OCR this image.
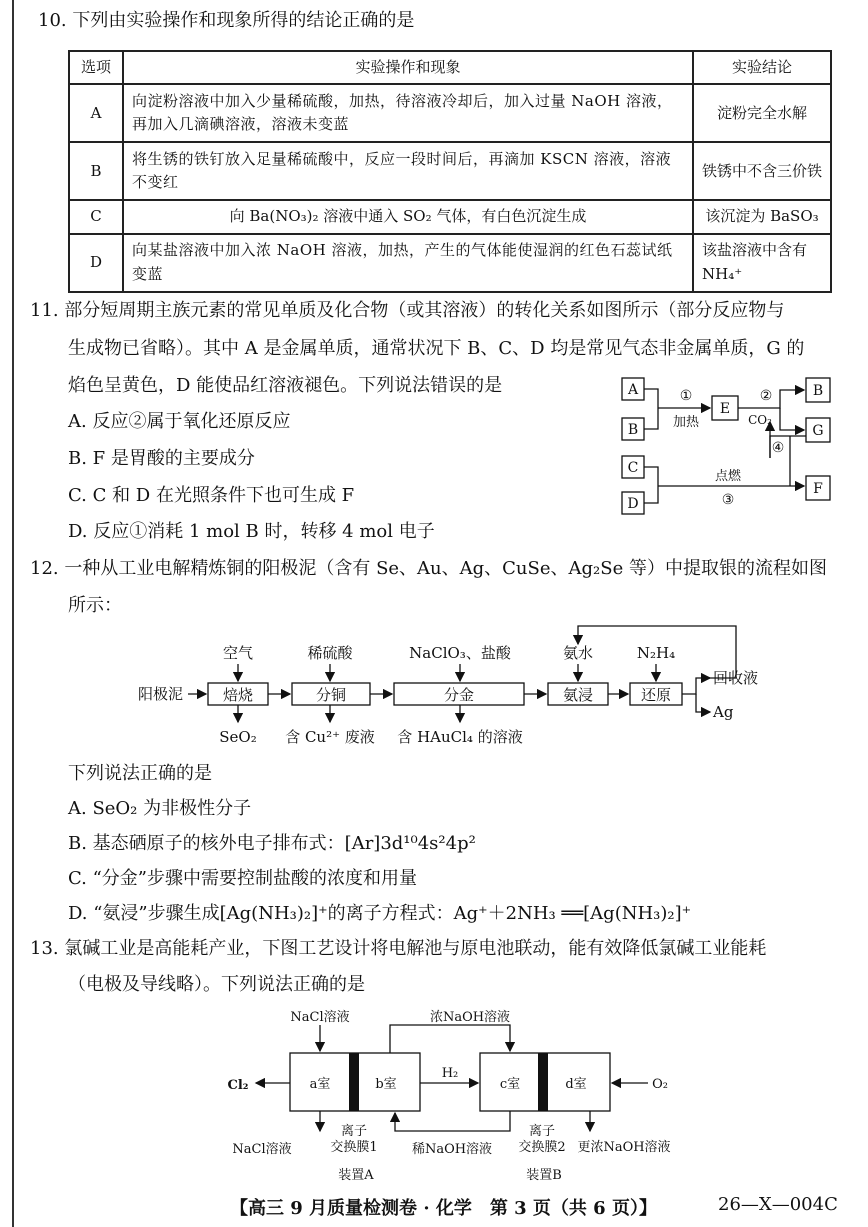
10. 下列由实验操作和现象所得的结论正确的是
选项	实验操作和现象	实验结论
A	向淀粉溶液中加入少量稀硫酸，加热，待溶液冷却后，加入过量 NaOH 溶液，再加入几滴碘溶液，溶液未变蓝	淀粉完全水解
B	将生锈的铁钉放入足量稀硫酸中，反应一段时间后，再滴加 KSCN 溶液，溶液不变红	铁锈中不含三价铁
C	向 Ba(NO₃)₂ 溶液中通入 SO₂ 气体，有白色沉淀生成	该沉淀为 BaSO₃
D	向某盐溶液中加入浓 NaOH 溶液，加热，产生的气体能使湿润的红色石蕊试纸变蓝	该盐溶液中含有 NH₄⁺
11. 部分短周期主族元素的常见单质及化合物（或其溶液）的转化关系如图所示（部分反应物与
生成物已省略）。其中 A 是金属单质，通常状况下 B、C、D 均是常见气态非金属单质，G 的
焰色呈黄色，D 能使品红溶液褪色。下列说法错误的是
A. 反应②属于氧化还原反应
B. F 是胃酸的主要成分
C. C 和 D 在光照条件下也可生成 F
D. 反应①消耗 1 mol B 时，转移 4 mol 电子
A
B
E
B
G
C
D
F
①
加热
②
CO₂
④
点燃
③
12. 一种从工业电解精炼铜的阳极泥（含有 Se、Au、Ag、CuSe、Ag₂Se 等）中提取银的流程如图
所示：
阳极泥	焙烧	分铜	分金	氨浸	还原
空气	稀硫酸	NaClO₃、盐酸	氨水	N₂H₄
SeO₂ 含 Cu²⁺ 废液 含 HAuCl₄ 的溶液
回收液
Ag
下列说法正确的是
A. SeO₂ 为非极性分子
B. 基态硒原子的核外电子排布式：[Ar]3d¹⁰4s²4p²
C. “分金”步骤中需要控制盐酸的浓度和用量
D. “氨浸”步骤生成[Ag(NH₃)₂]⁺的离子方程式：Ag⁺＋2NH₃ ══[Ag(NH₃)₂]⁺
13. 氯碱工业是高能耗产业，下图工艺设计将电解池与原电池联动，能有效降低氯碱工业能耗
（电极及导线略）。下列说法正确的是
NaCl溶液	浓NaOH溶液
Cl₂	a室	b室	c室	d室
H₂
O₂
NaCl溶液
离子
交换膜1	稀NaOH溶液
离子
交换膜2 更浓NaOH溶液
装置A	装置B
【高三 9 月质量检测卷 · 化学　第 3 页（共 6 页）】	26—X—004C
